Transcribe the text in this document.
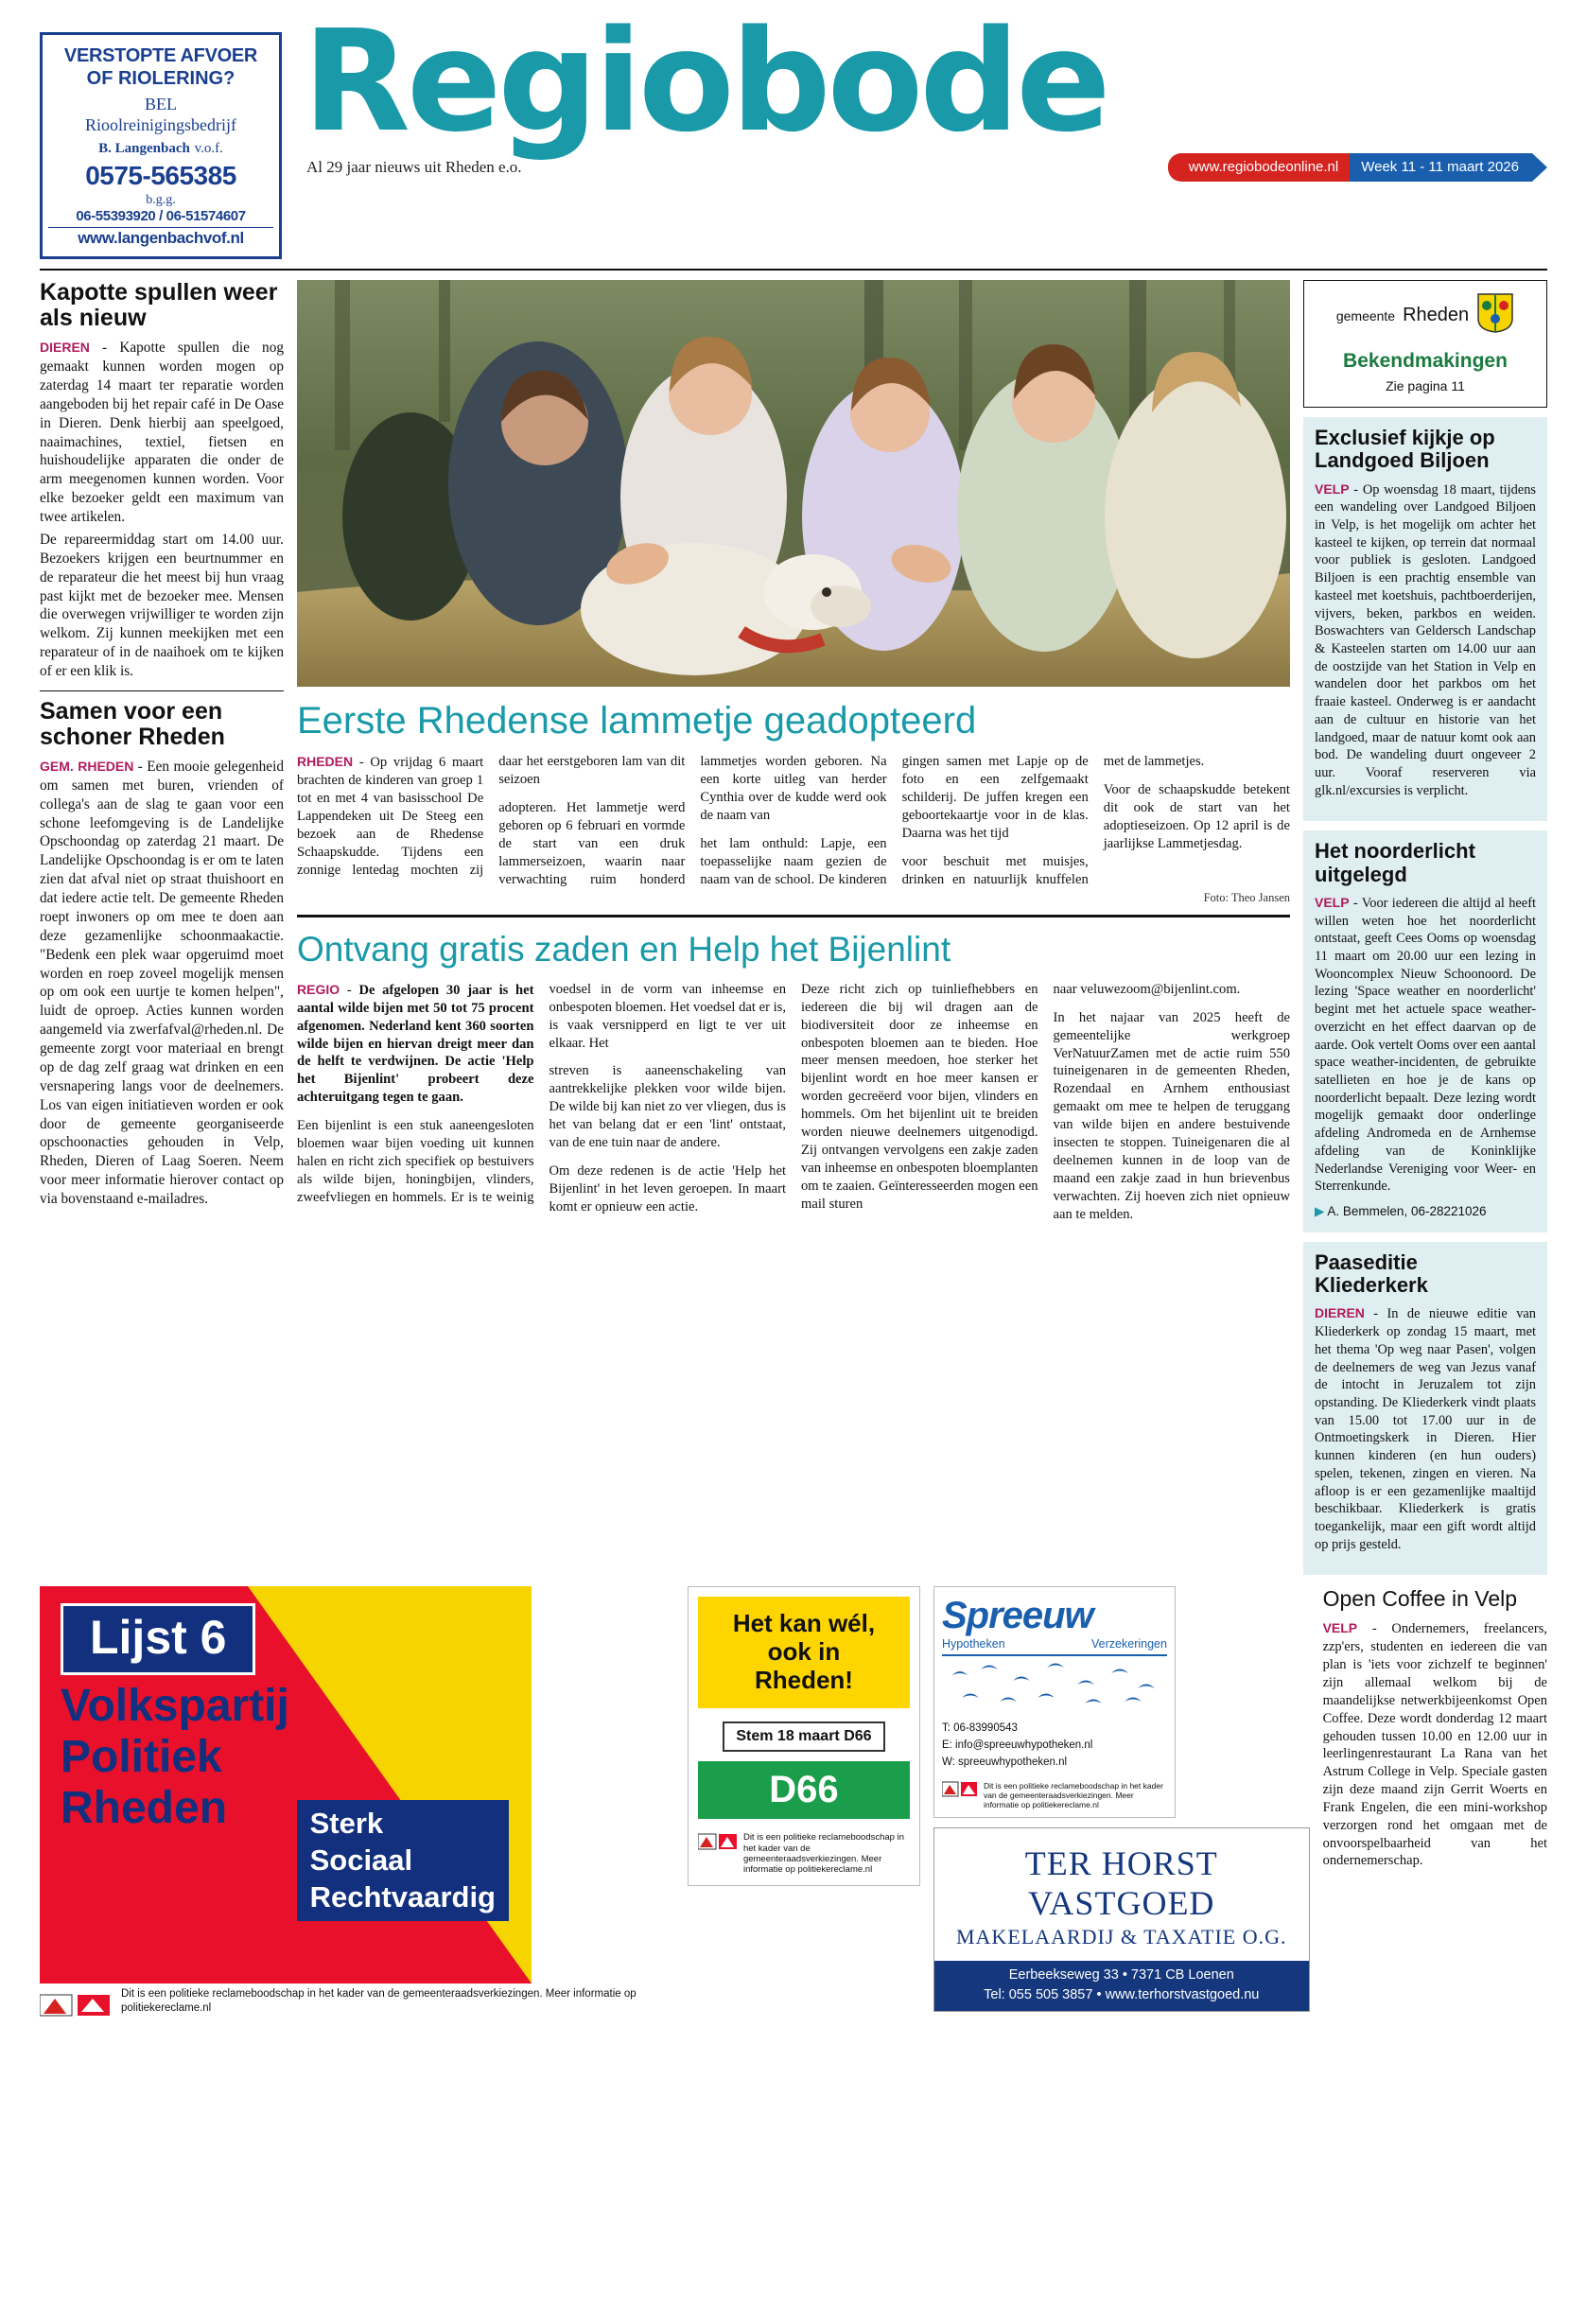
VERSTOPTE AFVOER
OF RIOLERING?
BEL
Rioolreinigingsbedrijf
B. Langenbach v.o.f.
0575-565385
b.g.g.
06-55393920 / 06-51574607
www.langenbachvof.nl
Regiobode
Al 29 jaar nieuws uit Rheden e.o.	www.regiobodeonline.nl	Week 11 - 11 maart 2026
Kapotte spullen weer als nieuw
DIEREN - Kapotte spullen die nog gemaakt kunnen worden mogen op zaterdag 14 maart ter reparatie worden aangeboden bij het repair café in De Oase in Dieren. Denk hierbij aan speelgoed, naaimachines, textiel, fietsen en huishoudelijke apparaten die onder de arm meegenomen kunnen worden. Voor elke bezoeker geldt een maximum van twee artikelen.
De repareermiddag start om 14.00 uur. Bezoekers krijgen een beurtnummer en de reparateur die het meest bij hun vraag past kijkt met de bezoeker mee. Mensen die overwegen vrijwilliger te worden zijn welkom. Zij kunnen meekijken met een reparateur of in de naaihoek om te kijken of er een klik is.
Samen voor een schoner Rheden
GEM. RHEDEN - Een mooie gelegenheid om samen met buren, vrienden of collega's aan de slag te gaan voor een schone leefomgeving is de Landelijke Opschoondag op zaterdag 21 maart. De Landelijke Opschoondag is er om te laten zien dat afval niet op straat thuishoort en dat iedere actie telt. De gemeente Rheden roept inwoners op om mee te doen aan deze gezamenlijke schoonmaakactie. "Bedenk een plek waar opgeruimd moet worden en roep zoveel mogelijk mensen op om ook een uurtje te komen helpen", luidt de oproep. Acties kunnen worden aangemeld via zwerfafval@rheden.nl. De gemeente zorgt voor materiaal en brengt op de dag zelf graag wat drinken en een versnapering langs voor de deelnemers. Los van eigen initiatieven worden er ook door de gemeente georganiseerde opschoonacties gehouden in Velp, Rheden, Dieren of Laag Soeren. Neem voor meer informatie hierover contact op via bovenstaand e-mailadres.
Eerste Rhedense lammetje geadopteerd

RHEDEN - Op vrijdag 6 maart brachten de kinderen van groep 1 tot en met 4 van basisschool De Lappendeken uit De Steeg een bezoek aan de Rhedense Schaapskudde. Tijdens een zonnige lentedag mochten zij daar het eerstgeboren lam van dit seizoen

adopteren. Het lammetje werd geboren op 6 februari en vormde de start van een druk lammerseizoen, waarin naar verwachting ruim honderd lammetjes worden geboren. Na een korte uitleg van herder Cynthia over de kudde werd ook de naam van

het lam onthuld: Lapje, een toepasselijke naam gezien de naam van de school. De kinderen gingen samen met Lapje op de foto en een zelfgemaakt schilderij. De juffen kregen een geboortekaartje voor in de klas. Daarna was het tijd

voor beschuit met muisjes, drinken en natuurlijk knuffelen met de lammetjes.

Voor de schaapskudde betekent dit ook de start van het adoptieseizoen. Op 12 april is de jaarlijkse Lammetjesdag.

Foto: Theo Jansen
Ontvang gratis zaden en Help het Bijenlint

REGIO - De afgelopen 30 jaar is het aantal wilde bijen met 50 tot 75 procent afgenomen. Nederland kent 360 soorten wilde bijen en hiervan dreigt meer dan de helft te verdwijnen. De actie 'Help het Bijenlint' probeert deze achteruitgang tegen te gaan.

Een bijenlint is een stuk aaneengesloten bloemen waar bijen voeding uit kunnen halen en richt zich specifiek op bestuivers als wilde bijen, honingbijen, vlinders, zweefvliegen en hommels. Er is te weinig voedsel in de vorm van inheemse en onbespoten bloemen. Het voedsel dat er is, is vaak versnipperd en ligt te ver uit elkaar. Het

streven is aaneenschakeling van aantrekkelijke plekken voor wilde bijen. De wilde bij kan niet zo ver vliegen, dus is het van belang dat er een 'lint' ontstaat, van de ene tuin naar de andere.

Om deze redenen is de actie 'Help het Bijenlint' in het leven geroepen. In maart komt er opnieuw een actie.

Deze richt zich op tuinliefhebbers en iedereen die bij wil dragen aan de biodiversiteit door ze inheemse en onbespoten bloemen aan te bieden. Hoe meer mensen meedoen, hoe sterker het bijenlint wordt en hoe meer kansen er worden gecreëerd voor bijen, vlinders en hommels. Om het bijenlint uit te breiden worden nieuwe deelnemers uitgenodigd. Zij ontvangen vervolgens een zakje zaden van inheemse en onbespoten bloemplanten om te zaaien. Geïnteresseerden mogen een mail sturen

naar veluwezoom@bijenlint.com.

In het najaar van 2025 heeft de gemeentelijke werkgroep VerNatuurZamen met de actie ruim 550 tuineigenaren in de gemeenten Rheden, Rozendaal en Arnhem enthousiast gemaakt om mee te helpen de teruggang van wilde bijen en andere bestuivende insecten te stoppen. Tuineigenaren die al deelnemen kunnen in de loop van de maand een zakje zaad in hun brievenbus verwachten. Zij hoeven zich niet opnieuw aan te melden.

gemeente Rheden
Bekendmakingen
Zie pagina 11
Exclusief kijkje op Landgoed Biljoen

VELP - Op woensdag 18 maart, tijdens een wandeling over Landgoed Biljoen in Velp, is het mogelijk om achter het kasteel te kijken, op terrein dat normaal voor publiek is gesloten. Landgoed Biljoen is een prachtig ensemble van kasteel met koetshuis, pachtboerderijen, vijvers, beken, parkbos en weiden. Boswachters van Geldersch Landschap & Kasteelen starten om 14.00 uur aan de oostzijde van het Station in Velp en wandelen door het parkbos om het fraaie kasteel. Onderweg is er aandacht aan de cultuur en historie van het landgoed, maar de natuur komt ook aan bod. De wandeling duurt ongeveer 2 uur. Vooraf reserveren via glk.nl/excursies is verplicht.

Het noorderlicht uitgelegd

VELP - Voor iedereen die altijd al heeft willen weten hoe het noorderlicht ontstaat, geeft Cees Ooms op woensdag 11 maart om 20.00 uur een lezing in Wooncomplex Nieuw Schoonoord. De lezing 'Space weather en noorderlicht' begint met het actuele space weather-overzicht en het effect daarvan op de aarde. Ook vertelt Ooms over een aantal space weather-incidenten, de gebruikte satellieten en hoe je de kans op noorderlicht bepaalt. Deze lezing wordt mogelijk gemaakt door onderlinge afdeling Andromeda en de Arnhemse afdeling van de Koninklijke Nederlandse Vereniging voor Weer- en Sterrenkunde.

▶ A. Bemmelen, 06-28221026
Paaseditie Kliederkerk

DIEREN - In de nieuwe editie van Kliederkerk op zondag 15 maart, met het thema 'Op weg naar Pasen', volgen de deelnemers de weg van Jezus vanaf de intocht in Jeruzalem tot zijn opstanding. De Kliederkerk vindt plaats van 15.00 tot 17.00 uur in de Ontmoetingskerk in Dieren. Hier kunnen kinderen (en hun ouders) spelen, tekenen, zingen en vieren. Na afloop is er een gezamenlijke maaltijd beschikbaar. Kliederkerk is gratis toegankelijk, maar een gift wordt altijd op prijs gesteld.

Lijst 6
Volkspartij
Politiek
Rheden	Sterk
Sociaal
Rechtvaardig
Dit is een politieke reclameboodschap in het kader van de gemeenteraadsverkiezingen. Meer informatie op politiekereclame.nl
Het kan wél,
ook in
Rheden!
Stem 18 maart D66
D66
Dit is een politieke reclameboodschap in het kader van de gemeenteraadsverkiezingen. Meer informatie op politiekereclame.nl
Spreeuw
Hypotheken	Verzekeringen
T: 06-83990543
E: info@spreeuwhypotheken.nl
W: spreeuwhypotheken.nl
Dit is een politieke reclameboodschap in het kader van de gemeenteraadsverkiezingen. Meer informatie op politiekereclame.nl
TER HORST VASTGOED
MAKELAARDIJ & TAXATIE O.G.
Eerbeekseweg 33 • 7371 CB Loenen
Tel: 055 505 3857 • www.terhorstvastgoed.nu
Open Coffee in Velp

VELP - Ondernemers, freelancers, zzp'ers, studenten en iedereen die van plan is 'iets voor zichzelf te beginnen' zijn allemaal welkom bij de maandelijkse netwerkbijeenkomst Open Coffee. Deze wordt donderdag 12 maart gehouden tussen 10.00 en 12.00 uur in leerlingenrestaurant La Rana van het Astrum College in Velp. Speciale gasten zijn deze maand zijn Gerrit Woerts en Frank Engelen, die een mini-workshop verzorgen rond het omgaan met de onvoorspelbaarheid van het ondernemerschap.
